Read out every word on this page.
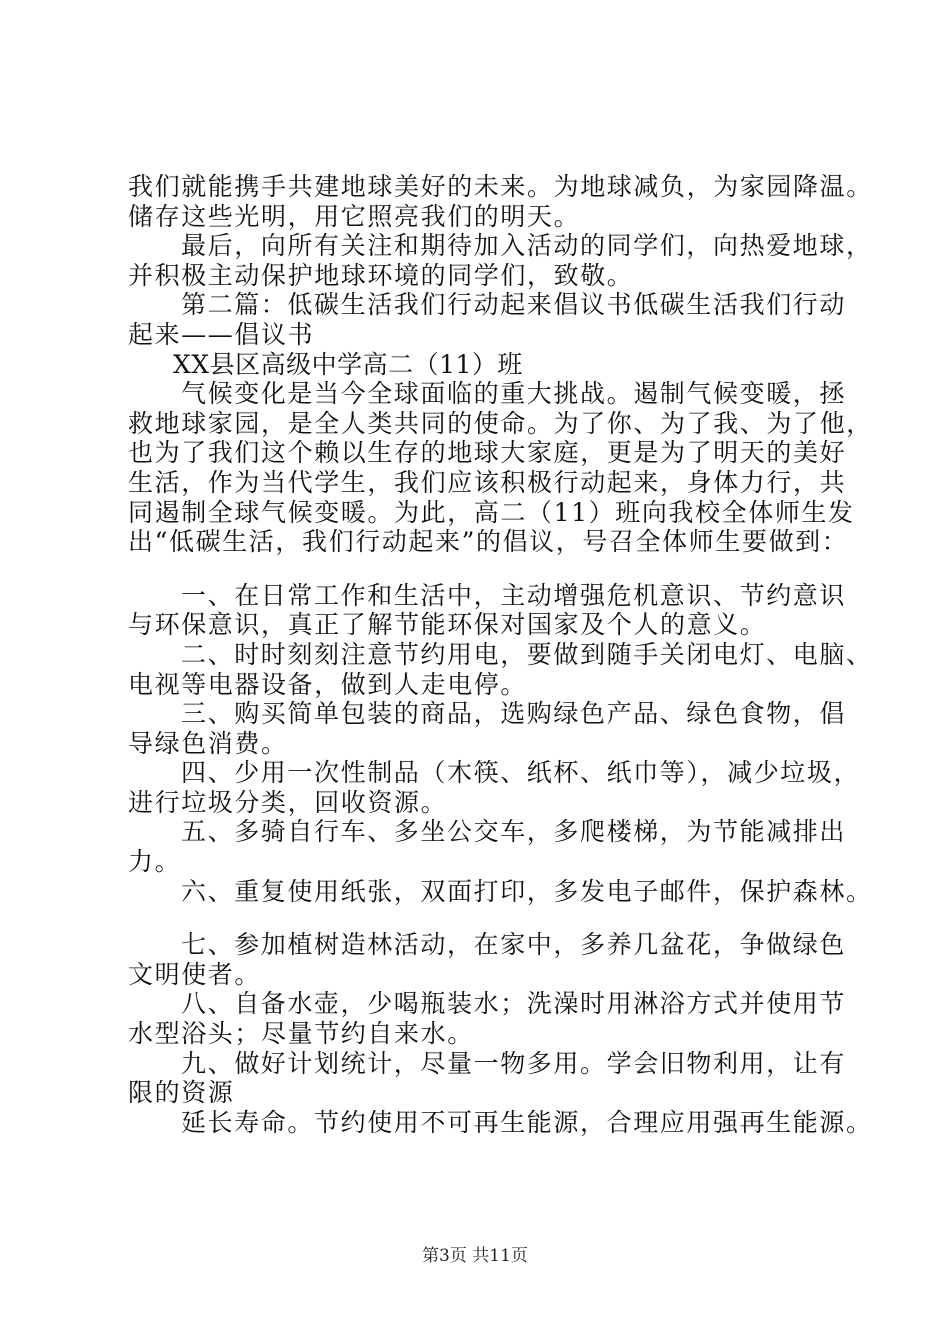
我们就能携手共建地球美好的未来。为地球减负，为家园降温。
储存这些光明，用它照亮我们的明天。
最后，向所有关注和期待加入活动的同学们，向热爱地球，
并积极主动保护地球环境的同学们，致敬。
第二篇：低碳生活我们行动起来倡议书低碳生活我们行动
起来——倡议书
XX县区高级中学高二（11）班
气候变化是当今全球面临的重大挑战。遏制气候变暖，拯
救地球家园，是全人类共同的使命。为了你、为了我、为了他，
也为了我们这个赖以生存的地球大家庭，更是为了明天的美好
生活，作为当代学生，我们应该积极行动起来，身体力行，共
同遏制全球气候变暖。为此，高二（11）班向我校全体师生发
出“低碳生活，我们行动起来”的倡议，号召全体师生要做到：
一、在日常工作和生活中，主动增强危机意识、节约意识
与环保意识，真正了解节能环保对国家及个人的意义。
二、时时刻刻注意节约用电，要做到随手关闭电灯、电脑、
电视等电器设备，做到人走电停。
三、购买简单包装的商品，选购绿色产品、绿色食物，倡
导绿色消费。
四、少用一次性制品（木筷、纸杯、纸巾等），减少垃圾，
进行垃圾分类，回收资源。
五、多骑自行车、多坐公交车，多爬楼梯，为节能减排出
力。
六、重复使用纸张，双面打印，多发电子邮件，保护森林。
七、参加植树造林活动，在家中，多养几盆花，争做绿色
文明使者。
八、自备水壶，少喝瓶装水；洗澡时用淋浴方式并使用节
水型浴头；尽量节约自来水。
九、做好计划统计，尽量一物多用。学会旧物利用，让有
限的资源
延长寿命。节约使用不可再生能源，合理应用强再生能源。
第3页 共11页
